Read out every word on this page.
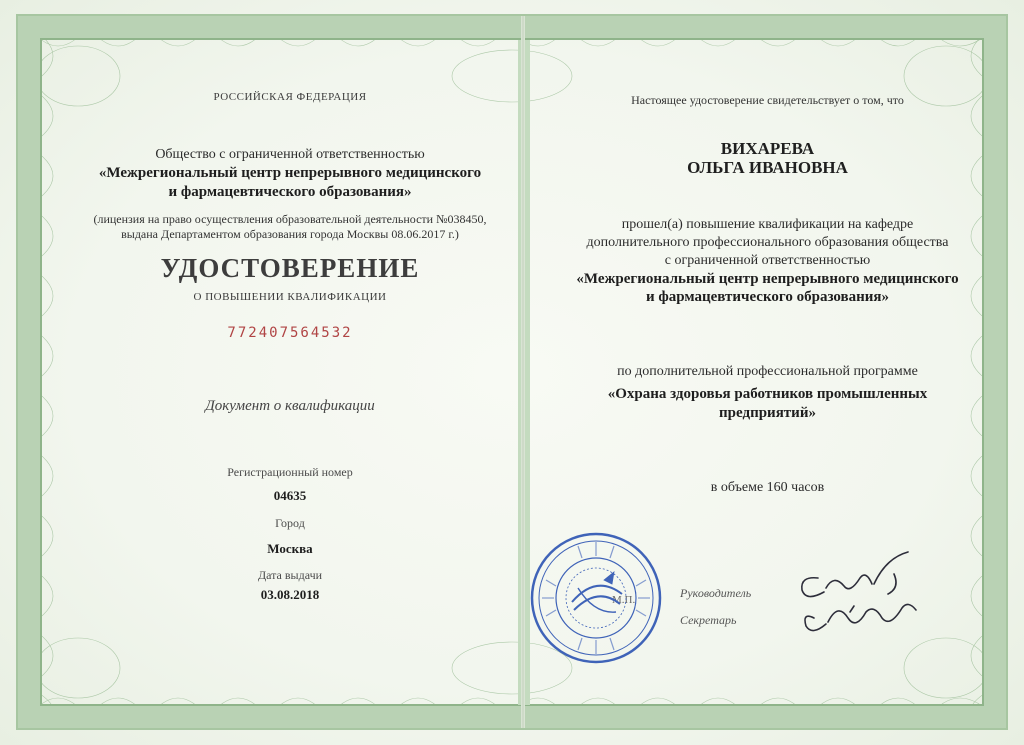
РОССИЙСКАЯ ФЕДЕРАЦИЯ
Общество с ограниченной ответственностью
«Межрегиональный центр непрерывного медицинского
и фармацевтического образования»
(лицензия на право осуществления образовательной деятельности №038450,
выдана Департаментом образования города Москвы 08.06.2017 г.)
УДОСТОВЕРЕНИЕ
О ПОВЫШЕНИИ КВАЛИФИКАЦИИ
772407564532
Документ о квалификации
Регистрационный номер
04635
Город
Москва
Дата выдачи
03.08.2018
Настоящее удостоверение свидетельствует о том, что
ВИХАРЕВА
ОЛЬГА ИВАНОВНА
прошел(а) повышение квалификации на кафедре
дополнительного профессионального образования общества
с ограниченной ответственностью
«Межрегиональный центр непрерывного медицинского
и фармацевтического образования»
по дополнительной профессиональной программе
«Охрана здоровья работников промышленных
предприятий»
в объеме 160 часов
Руководитель
Секретарь
М.П.
